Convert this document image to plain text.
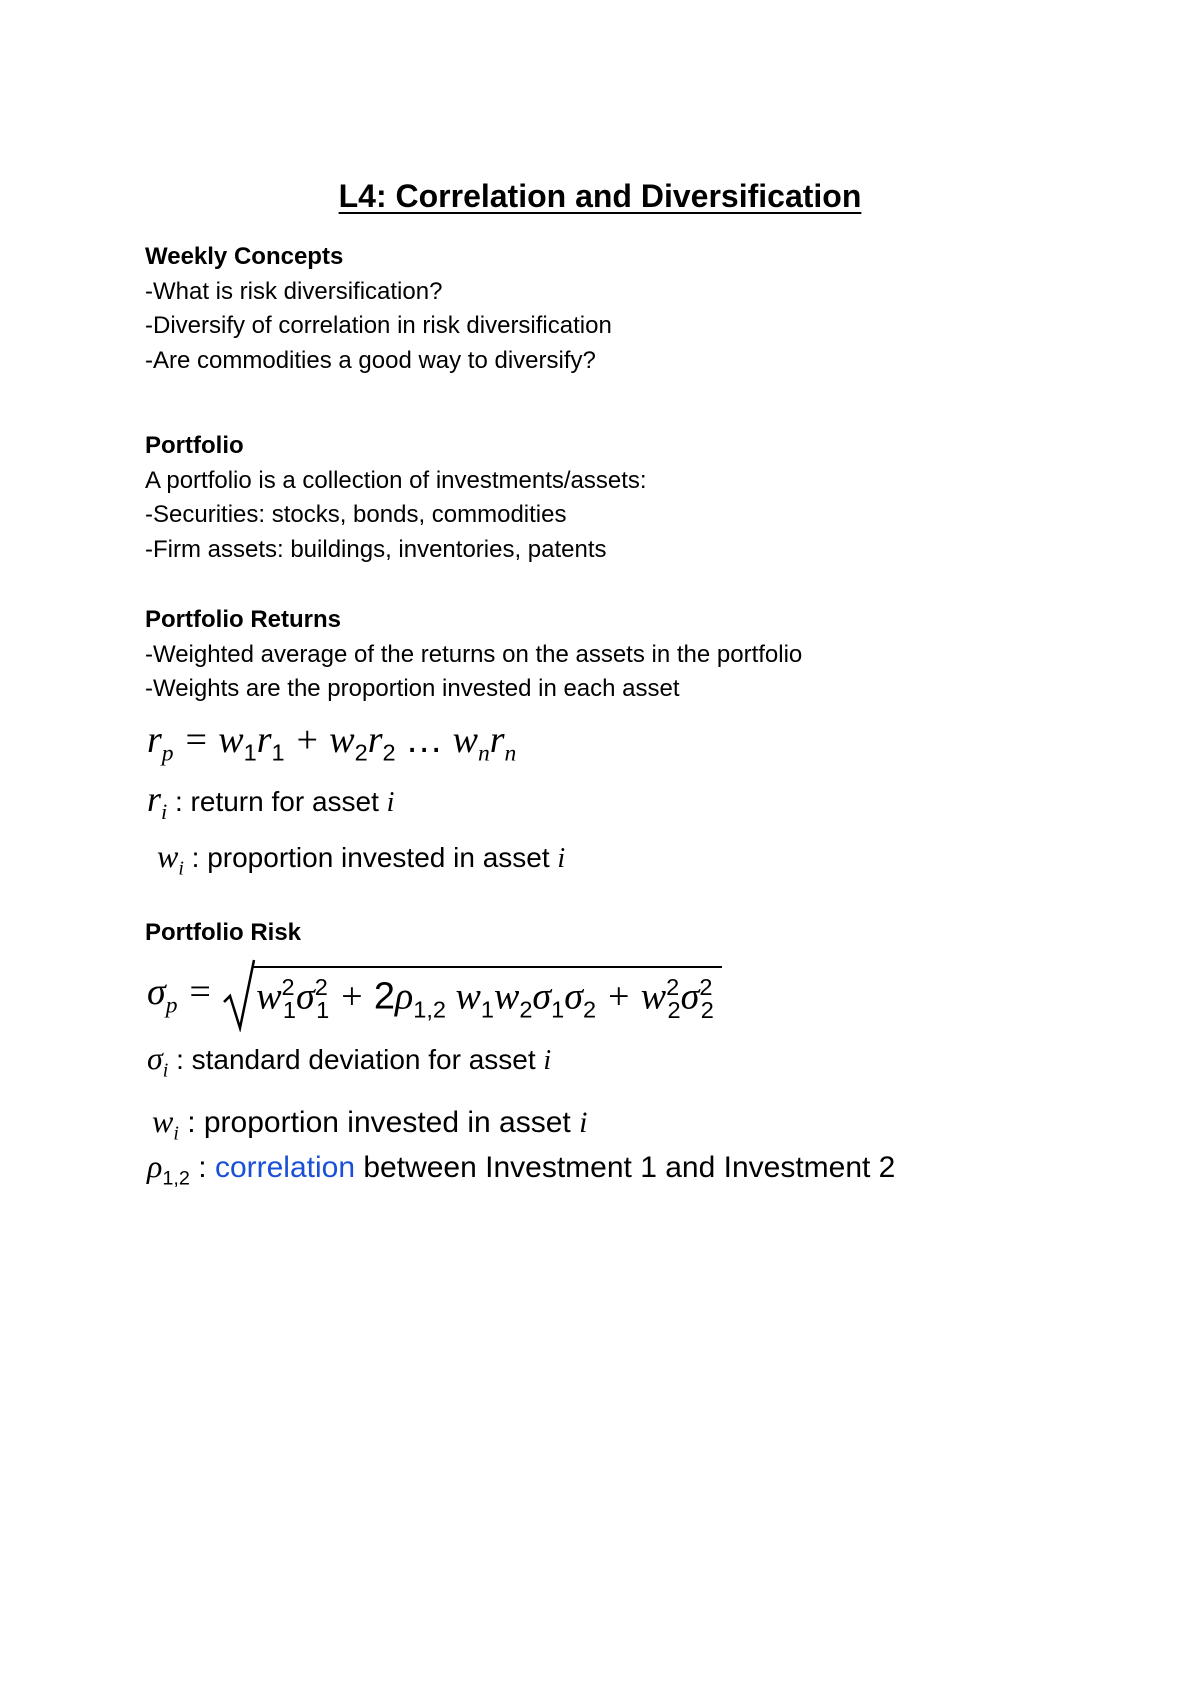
L4: Correlation and Diversification
Weekly Concepts
-What is risk diversification?
-Diversify of correlation in risk diversification
-Are commodities a good way to diversify?
Portfolio
A portfolio is a collection of investments/assets:
-Securities: stocks, bonds, commodities
-Firm assets: buildings, inventories, patents
Portfolio Returns
-Weighted average of the returns on the assets in the portfolio
-Weights are the proportion invested in each asset
$r_p = w_1r_1 + w_2r_2$ … $w_nr_n$
$r_i$ : return for asset i
$w_i$ : proportion invested in asset i
Portfolio Risk
$\sigma_p = w^2_1\sigma^2_1 + 2\rho_{1,2}$ $w_1w_2\sigma_1\sigma_2 + w^2_2\sigma^2_2$
$\sigma_i$ : standard deviation for asset i
$w_i$ : proportion invested in asset i
$\rho_{1,2}$ : correlation between Investment 1 and Investment 2
